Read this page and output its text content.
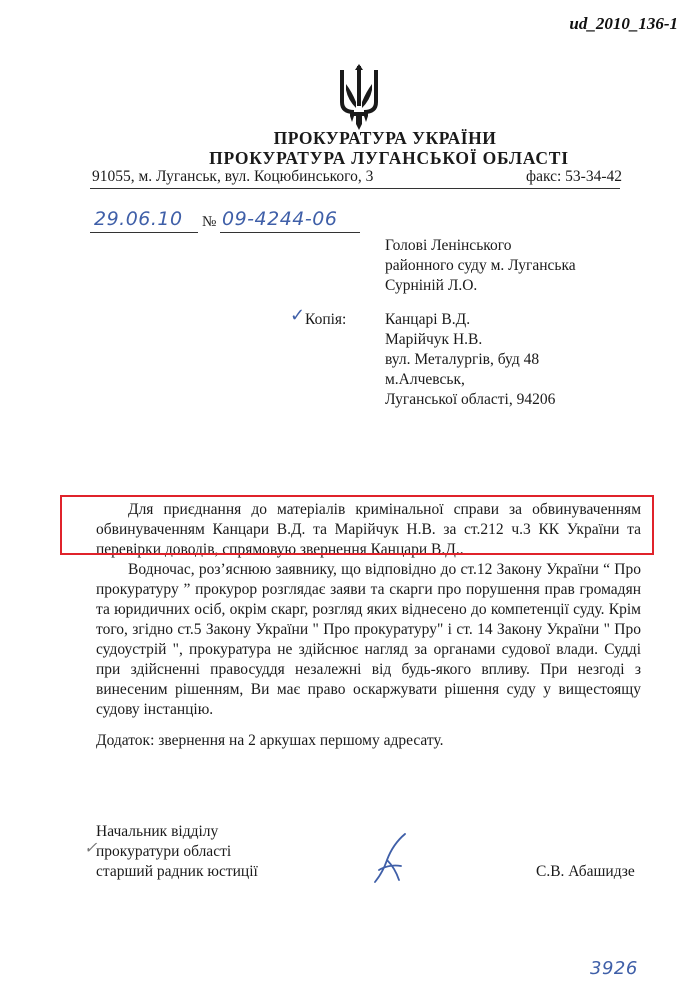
ud_2010_136-1
ПРОКУРАТУРА УКРАЇНИ
ПРОКУРАТУРА ЛУГАНСЬКОЇ ОБЛАСТІ
91055, м. Луганськ, вул. Коцюбинського, 3	факс: 53-34-42
29.06.10 № 09-4244-06
Голові Ленінського
районного суду м. Луганська
Сурніній Л.О.
✓ Копія: Канцарі В.Д.
Марійчук Н.В.
вул. Металургів, буд 48
м.Алчевськ,
Луганської області, 94206
Для приєднання до матеріалів кримінальної справи за обвинуваченням обвинуваченням Канцари В.Д. та Марійчук Н.В. за ст.212 ч.3 КК України та перевірки доводів, спрямовую звернення Канцари В.Д..
Водночас, роз’яснюю заявнику, що відповідно до ст.12 Закону України “ Про прокуратуру ” прокурор розглядає заяви та скарги про порушення прав громадян та юридичних осіб, окрім скарг, розгляд яких віднесено до компетенції суду. Крім того, згідно ст.5 Закону України " Про прокуратуру" і ст. 14 Закону України " Про судоустрій ", прокуратура не здійснює нагляд за органами судової влади. Судді при здійсненні правосуддя незалежні від будь-якого впливу. При незгоді з винесеним рішенням, Ви має право оскаржувати рішення суду у вищестоящу судову інстанцію.
Додаток: звернення на 2 аркушах першому адресату.
✓
Начальник відділу
прокуратури області
старший радник юстиції	С.В. Абашидзе
3926
